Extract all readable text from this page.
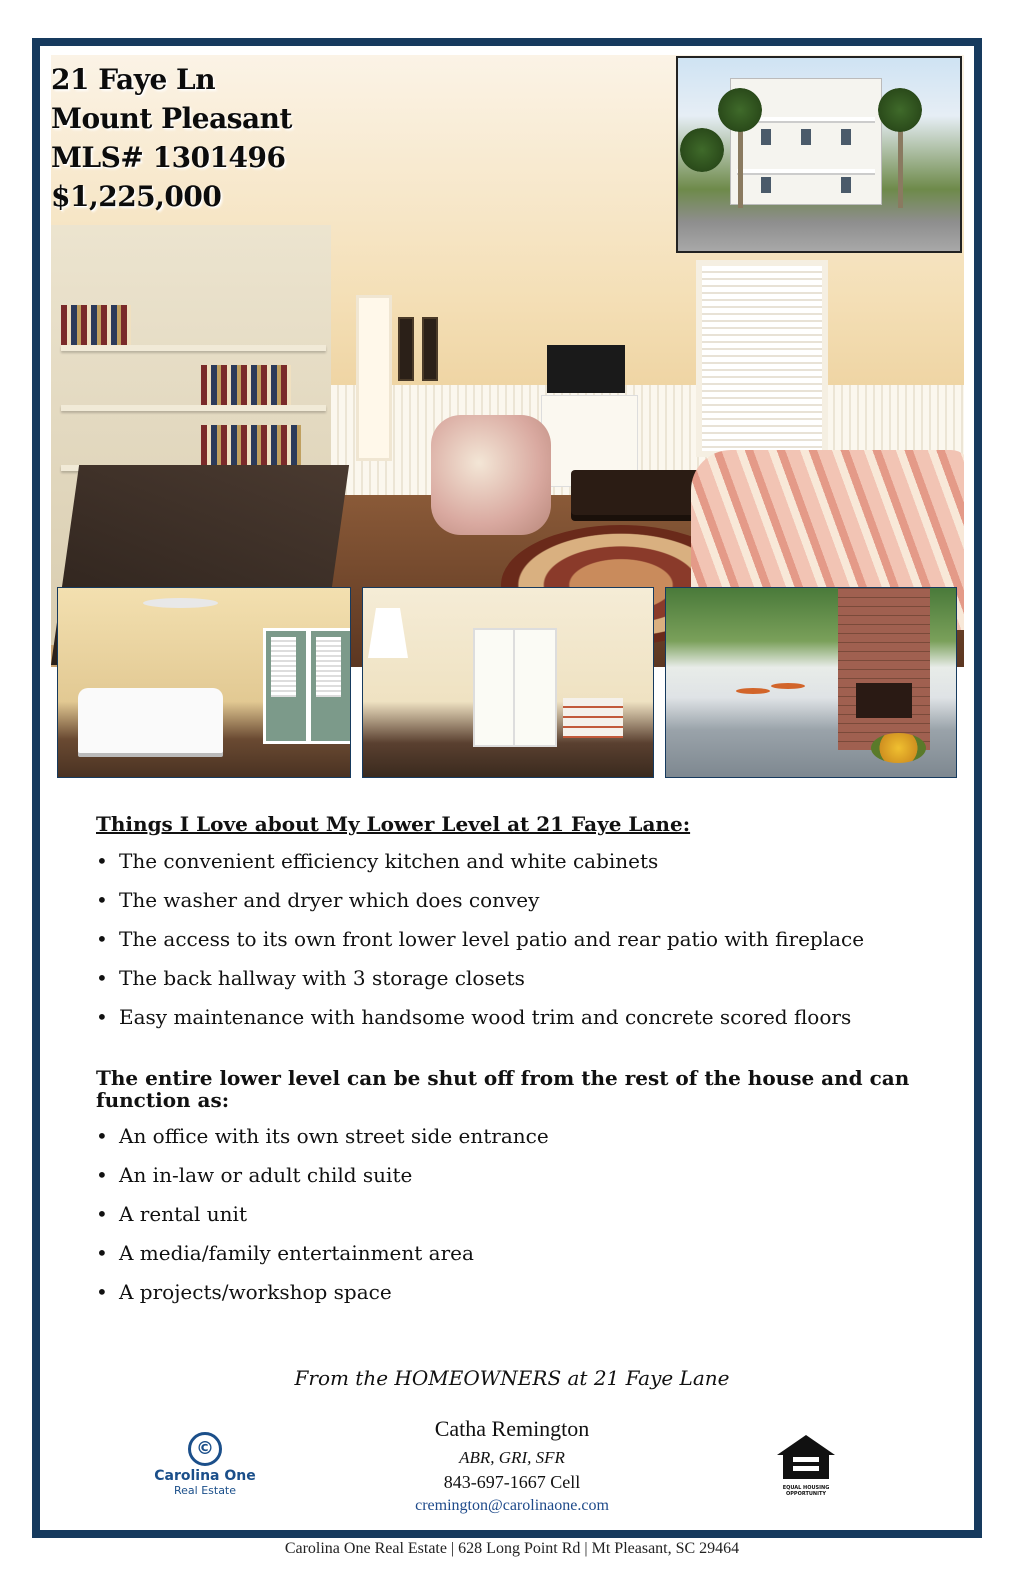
21 Faye Ln
Mount Pleasant
MLS# 1301496
$1,225,000
Things I Love about My Lower Level at 21 Faye Lane:
• The convenient efficiency kitchen and white cabinets
• The washer and dryer which does convey
• The access to its own front lower level patio and rear patio with fireplace
• The back hallway with 3 storage closets
• Easy maintenance with handsome wood trim and concrete scored floors
The entire lower level can be shut off from the rest of the house and can function as:
• An office with its own street side entrance
• An in-law or adult child suite
• A rental unit
• A media/family entertainment area
• A projects/workshop space
From the HOMEOWNERS at 21 Faye Lane
©
Carolina One
Real Estate
Catha Remington
ABR, GRI, SFR
843-697-1667 Cell
cremington@carolinaone.com
EQUAL HOUSING
OPPORTUNITY
Carolina One Real Estate | 628 Long Point Rd | Mt Pleasant, SC 29464
